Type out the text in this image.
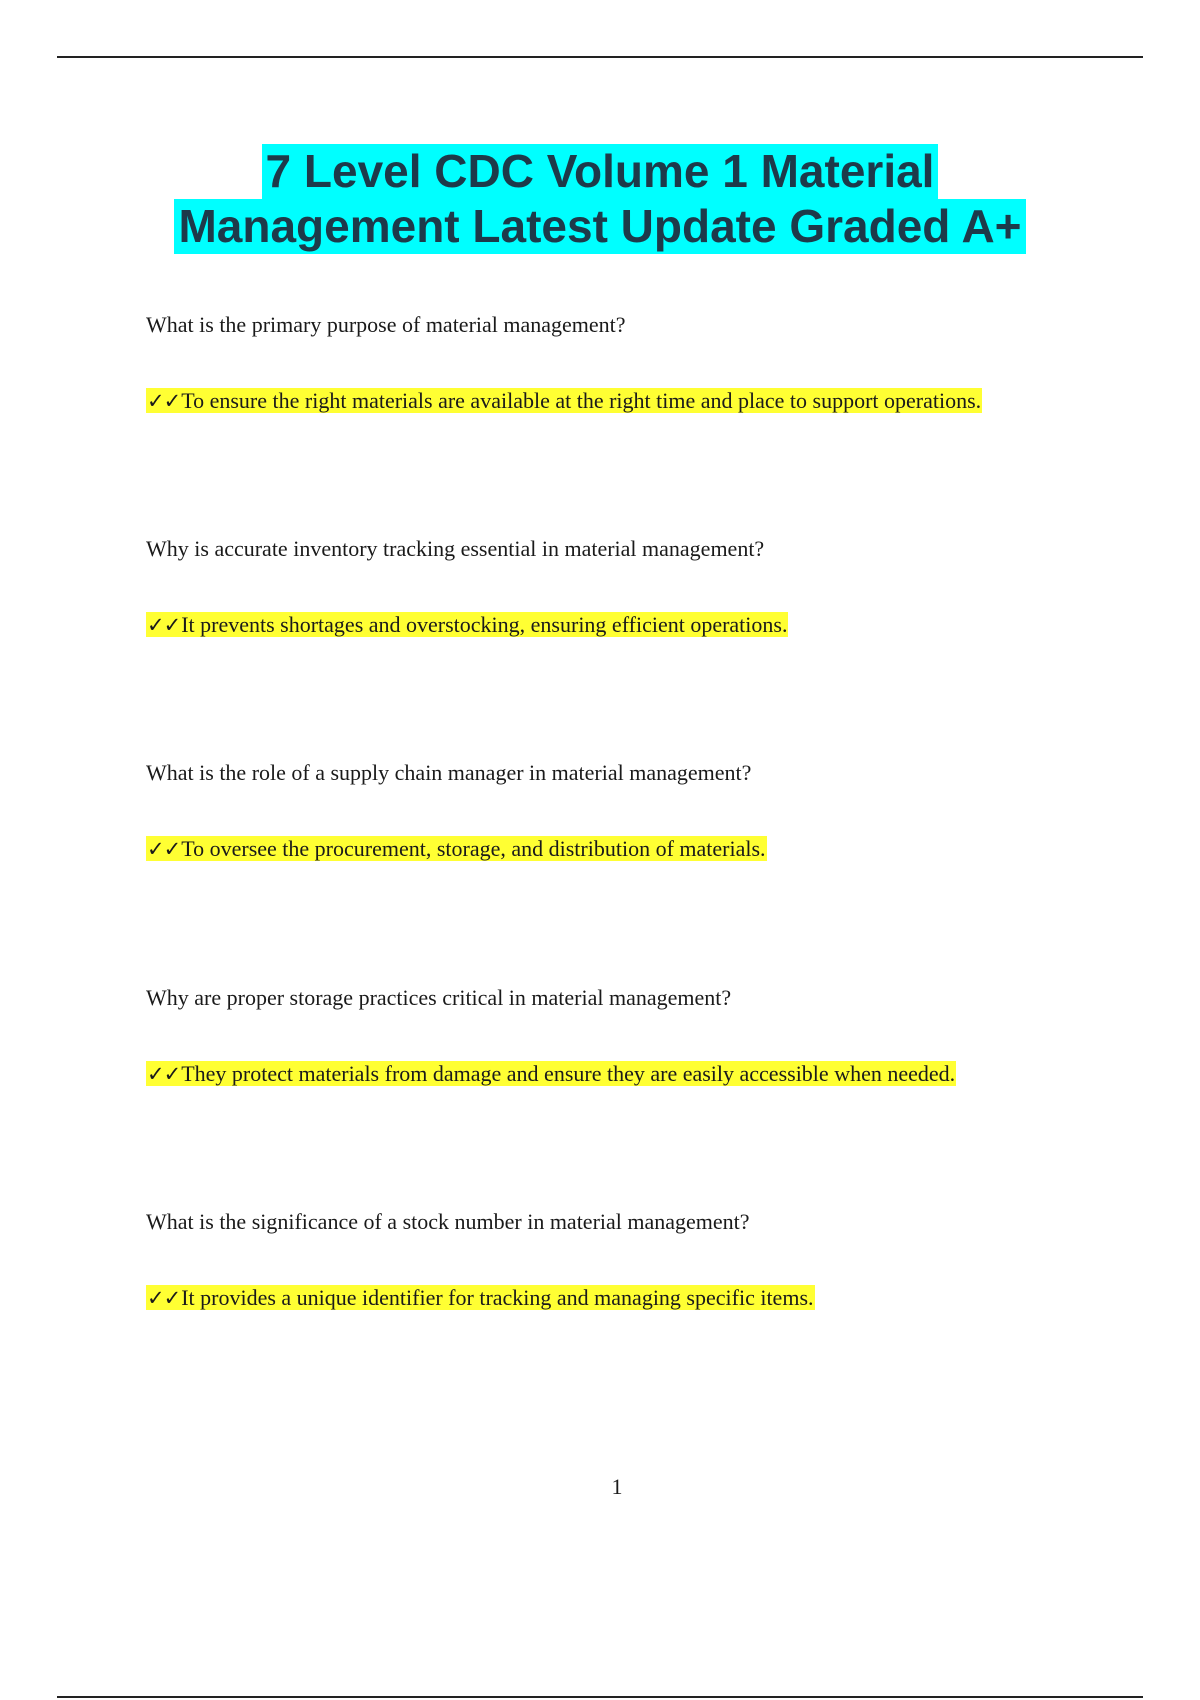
7 Level CDC Volume 1 Material
Management Latest Update Graded A+
What is the primary purpose of material management?
✓✓To ensure the right materials are available at the right time and place to support operations.
Why is accurate inventory tracking essential in material management?
✓✓It prevents shortages and overstocking, ensuring efficient operations.
What is the role of a supply chain manager in material management?
✓✓To oversee the procurement, storage, and distribution of materials.
Why are proper storage practices critical in material management?
✓✓They protect materials from damage and ensure they are easily accessible when needed.
What is the significance of a stock number in material management?
✓✓It provides a unique identifier for tracking and managing specific items.
1
